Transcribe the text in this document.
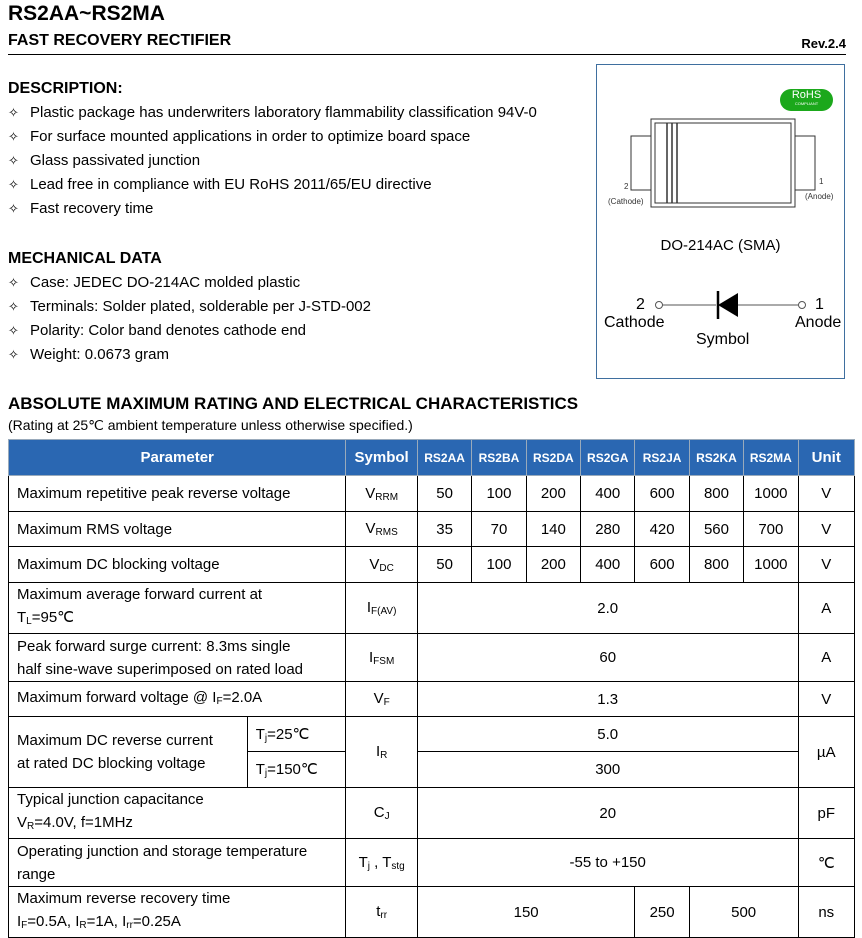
RS2AA~RS2MA
FAST RECOVERY RECTIFIER	Rev.2.4
DESCRIPTION:
✧ Plastic package has underwriters laboratory flammability classification 94V-0
✧ For surface mounted applications in order to optimize board space
✧ Glass passivated junction
✧ Lead free in compliance with EU RoHS 2011/65/EU directive
✧ Fast recovery time
MECHANICAL DATA
✧ Case: JEDEC DO-214AC molded plastic
✧ Terminals: Solder plated, solderable per J-STD-002
✧ Polarity: Color band denotes cathode end
✧ Weight: 0.0673 gram
RoHS
COMPLIANT
2
(Cathode)
1
(Anode)
DO-214AC (SMA)
2
Cathode
1
Anode
Symbol
ABSOLUTE MAXIMUM RATING AND ELECTRICAL CHARACTERISTICS
(Rating at 25℃ ambient temperature unless otherwise specified.)
Parameter		Symbol	RS2AA	RS2BA	RS2DA	RS2GA	RS2JA	RS2KA	RS2MA	Unit
Maximum repetitive peak reverse voltage		$V_{RRM}$	50	100	200	400	600	800	1000	V
Maximum RMS voltage		$V_{RMS}$	35	70	140	280	420	560	700	V
Maximum DC blocking voltage		$V_{DC}$	50	100	200	400	600	800	1000	V
Maximum average forward current at
$T_L=95℃$		$I_{F(AV)}$	2.0							A
Peak forward surge current: 8.3ms single
half sine-wave superimposed on rated load		$I_{FSM}$	60							A
Maximum forward voltage @ $I_F=2.0A$		$V_F$	1.3							V
Maximum DC reverse current
at rated DC blocking voltage	$T_j=25℃$	$I_R$	5.0							µA
	$T_j=150℃$		300							
Typical junction capacitance
$V_R=4.0V$, f=1MHz		$C_J$	20							pF
Operating junction and storage temperature
range		$T_j$ , $T_{stg}$	-55 to +150							℃
Maximum reverse recovery time
$I_F=0.5A$, $I_R=1A$, $I_{rr}=0.25A$		$t_{rr}$	150				250	500		ns
